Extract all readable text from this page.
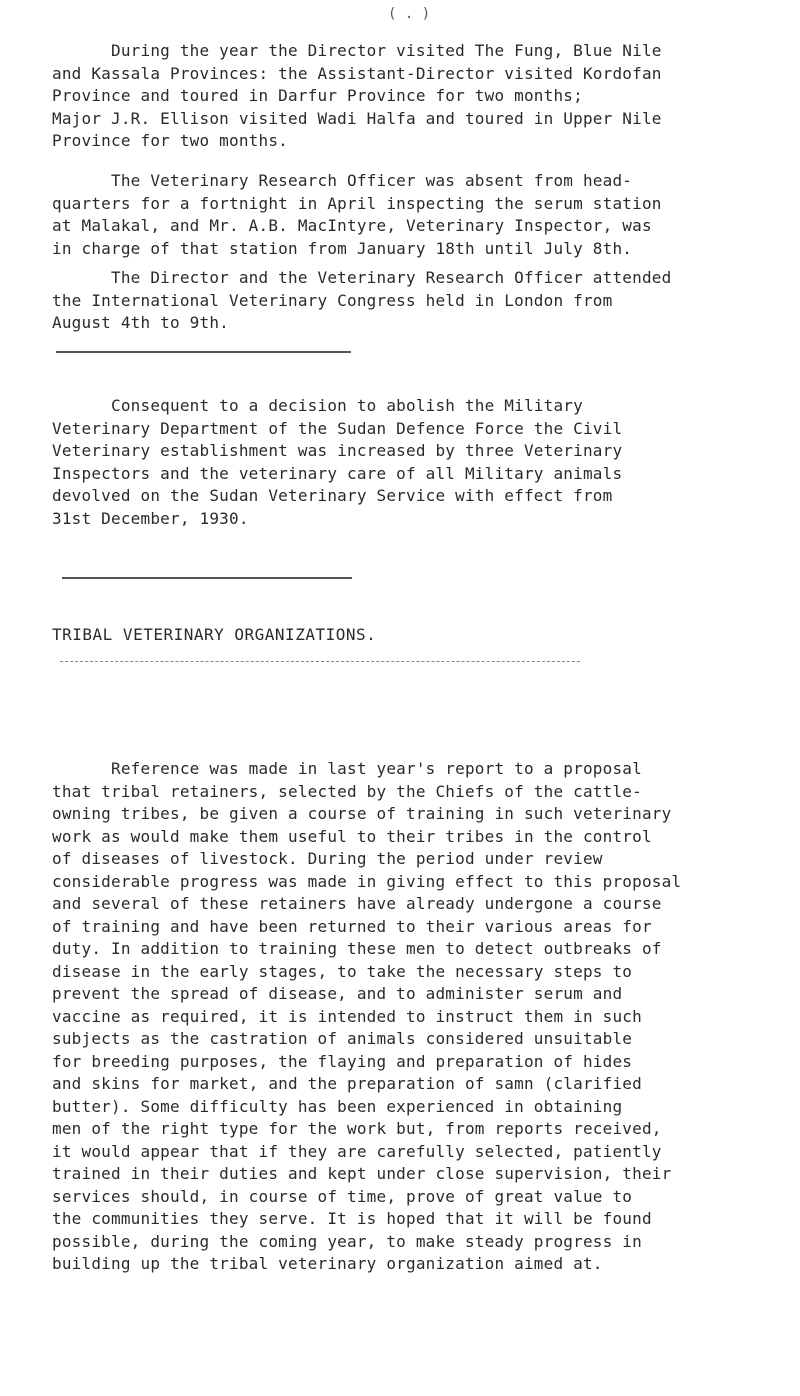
( . )
During the year the Director visited The Fung, Blue Nile
and Kassala Provinces: the Assistant-Director visited Kordofan
Province and toured in Darfur Province for two months;
Major J.R. Ellison visited Wadi Halfa and toured in Upper Nile
Province for two months.
The Veterinary Research Officer was absent from head-
quarters for a fortnight in April inspecting the serum station
at Malakal, and Mr. A.B. MacIntyre, Veterinary Inspector, was
in charge of that station from January 18th until July 8th.
The Director and the Veterinary Research Officer attended
the International Veterinary Congress held in London from
August 4th to 9th.
Consequent to a decision to abolish the Military
Veterinary Department of the Sudan Defence Force the Civil
Veterinary establishment was increased by three Veterinary
Inspectors and the veterinary care of all Military animals
devolved on the Sudan Veterinary Service with effect from
31st December, 1930.
TRIBAL VETERINARY ORGANIZATIONS.
Reference was made in last year's report to a proposal
that tribal retainers, selected by the Chiefs of the cattle-
owning tribes, be given a course of training in such veterinary
work as would make them useful to their tribes in the control
of diseases of livestock. During the period under review
considerable progress was made in giving effect to this proposal
and several of these retainers have already undergone a course
of training and have been returned to their various areas for
duty. In addition to training these men to detect outbreaks of
disease in the early stages, to take the necessary steps to
prevent the spread of disease, and to administer serum and
vaccine as required, it is intended to instruct them in such
subjects as the castration of animals considered unsuitable
for breeding purposes, the flaying and preparation of hides
and skins for market, and the preparation of samn (clarified
butter). Some difficulty has been experienced in obtaining
men of the right type for the work but, from reports received,
it would appear that if they are carefully selected, patiently
trained in their duties and kept under close supervision, their
services should, in course of time, prove of great value to
the communities they serve. It is hoped that it will be found
possible, during the coming year, to make steady progress in
building up the tribal veterinary organization aimed at.
